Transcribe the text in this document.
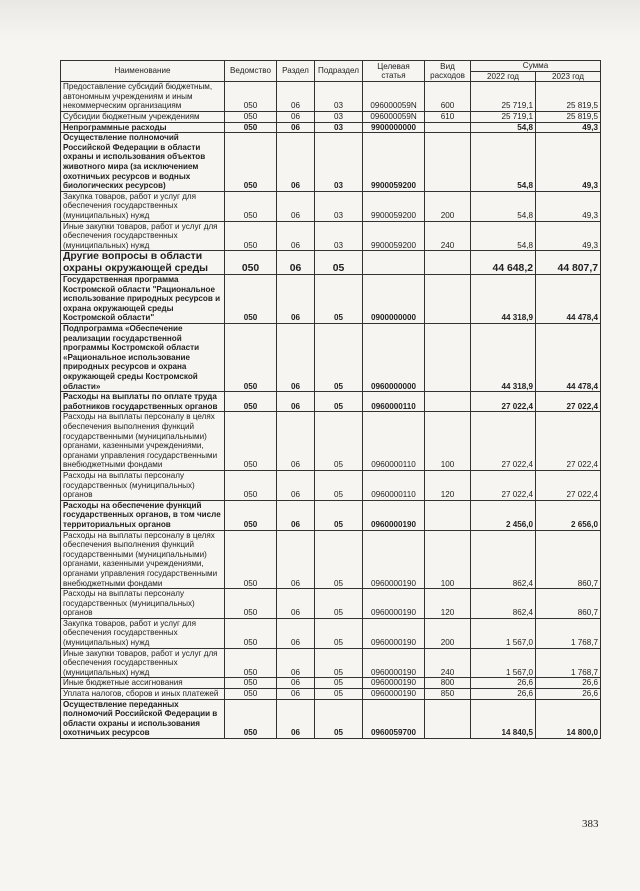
Наименование	Ведомство	Раздел	Подраздел	Целевая статья	Вид расходов	Сумма	
						2022 год	2023 год
Предоставление субсидий бюджетным, автономным учреждениям и иным некоммерческим организациям	050	06	03	096000059N	600	25 719,1	25 819,5
Субсидии бюджетным учреждениям	050	06	03	096000059N	610	25 719,1	25 819,5
Непрограммные расходы	050	06	03	9900000000		54,8	49,3
Осуществление полномочий Российской Федерации в области охраны и использования объектов животного мира (за исключением охотничьих ресурсов и водных биологических ресурсов)	050	06	03	9900059200		54,8	49,3
Закупка товаров, работ и услуг для обеспечения государственных (муниципальных) нужд	050	06	03	9900059200	200	54,8	49,3
Иные закупки товаров, работ и услуг для обеспечения государственных (муниципальных) нужд	050	06	03	9900059200	240	54,8	49,3
Другие вопросы в области охраны окружающей среды	050	06	05			44 648,2	44 807,7
Государственная программа Костромской области "Рациональное использование природных ресурсов и охрана окружающей среды Костромской области"	050	06	05	0900000000		44 318,9	44 478,4
Подпрограмма «Обеспечение реализации государственной программы Костромской области «Рациональное использование природных ресурсов и охрана окружающей среды Костромской области»	050	06	05	0960000000		44 318,9	44 478,4
Расходы на выплаты по оплате труда работников государственных органов	050	06	05	0960000110		27 022,4	27 022,4
Расходы на выплаты персоналу в целях обеспечения выполнения функций государственными (муниципальными) органами, казенными учреждениями, органами управления государственными внебюджетными фондами	050	06	05	0960000110	100	27 022,4	27 022,4
Расходы на выплаты персоналу государственных (муниципальных) органов	050	06	05	0960000110	120	27 022,4	27 022,4
Расходы на обеспечение функций государственных органов, в том числе территориальных органов	050	06	05	0960000190		2 456,0	2 656,0
Расходы на выплаты персоналу в целях обеспечения выполнения функций государственными (муниципальными) органами, казенными учреждениями, органами управления государственными внебюджетными фондами	050	06	05	0960000190	100	862,4	860,7
Расходы на выплаты персоналу государственных (муниципальных) органов	050	06	05	0960000190	120	862,4	860,7
Закупка товаров, работ и услуг для обеспечения государственных (муниципальных) нужд	050	06	05	0960000190	200	1 567,0	1 768,7
Иные закупки товаров, работ и услуг для обеспечения государственных (муниципальных) нужд	050	06	05	0960000190	240	1 567,0	1 768,7
Иные бюджетные ассигнования	050	06	05	0960000190	800	26,6	26,6
Уплата налогов, сборов и иных платежей	050	06	05	0960000190	850	26,6	26,6
Осуществление переданных полномочий Российской Федерации в области охраны и использования охотничьих ресурсов	050	06	05	0960059700		14 840,5	14 800,0
383
